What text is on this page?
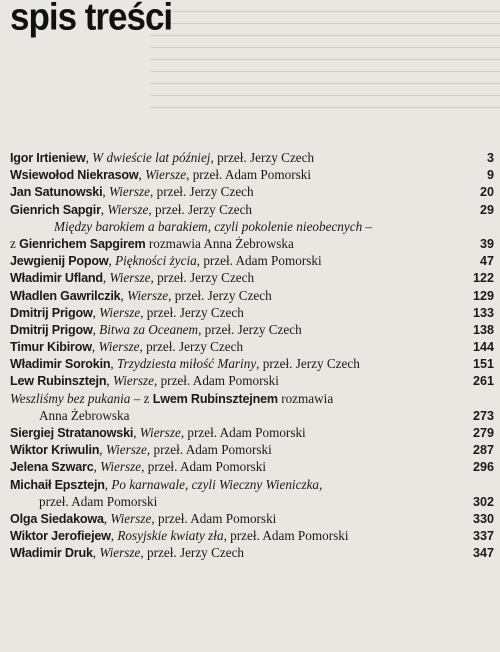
spis treści
Igor Irtieniew, W dwieście lat później, przeł. Jerzy Czech	3
Wsiewołod Niekrasow, Wiersze, przeł. Adam Pomorski	9
Jan Satunowski, Wiersze, przeł. Jerzy Czech	20
Gienrich Sapgir, Wiersze, przeł. Jerzy Czech	29
Między barokiem a barakiem, czyli pokolenie nieobecnych –
z Gienrichem Sapgirem rozmawia Anna Żebrowska	39
Jewgienij Popow, Piękności życia, przeł. Adam Pomorski	47
Władimir Ufland, Wiersze, przeł. Jerzy Czech	122
Władlen Gawrilczik, Wiersze, przeł. Jerzy Czech	129
Dmitrij Prigow, Wiersze, przeł. Jerzy Czech	133
Dmitrij Prigow, Bitwa za Oceanem, przeł. Jerzy Czech	138
Timur Kibirow, Wiersze, przeł. Jerzy Czech	144
Władimir Sorokin, Trzydziesta miłość Mariny, przeł. Jerzy Czech	151
Lew Rubinsztejn, Wiersze, przeł. Adam Pomorski	261
Weszliśmy bez pukania – z Lwem Rubinsztejnem rozmawia
Anna Żebrowska	273
Siergiej Stratanowski, Wiersze, przeł. Adam Pomorski	279
Wiktor Kriwulin, Wiersze, przeł. Adam Pomorski	287
Jelena Szwarc, Wiersze, przeł. Adam Pomorski	296
Michaił Epsztejn, Po karnawale, czyli Wieczny Wieniczka,
przeł. Adam Pomorski	302
Olga Siedakowa, Wiersze, przeł. Adam Pomorski	330
Wiktor Jerofiejew, Rosyjskie kwiaty zła, przeł. Adam Pomorski	337
Władimir Druk, Wiersze, przeł. Jerzy Czech	347
